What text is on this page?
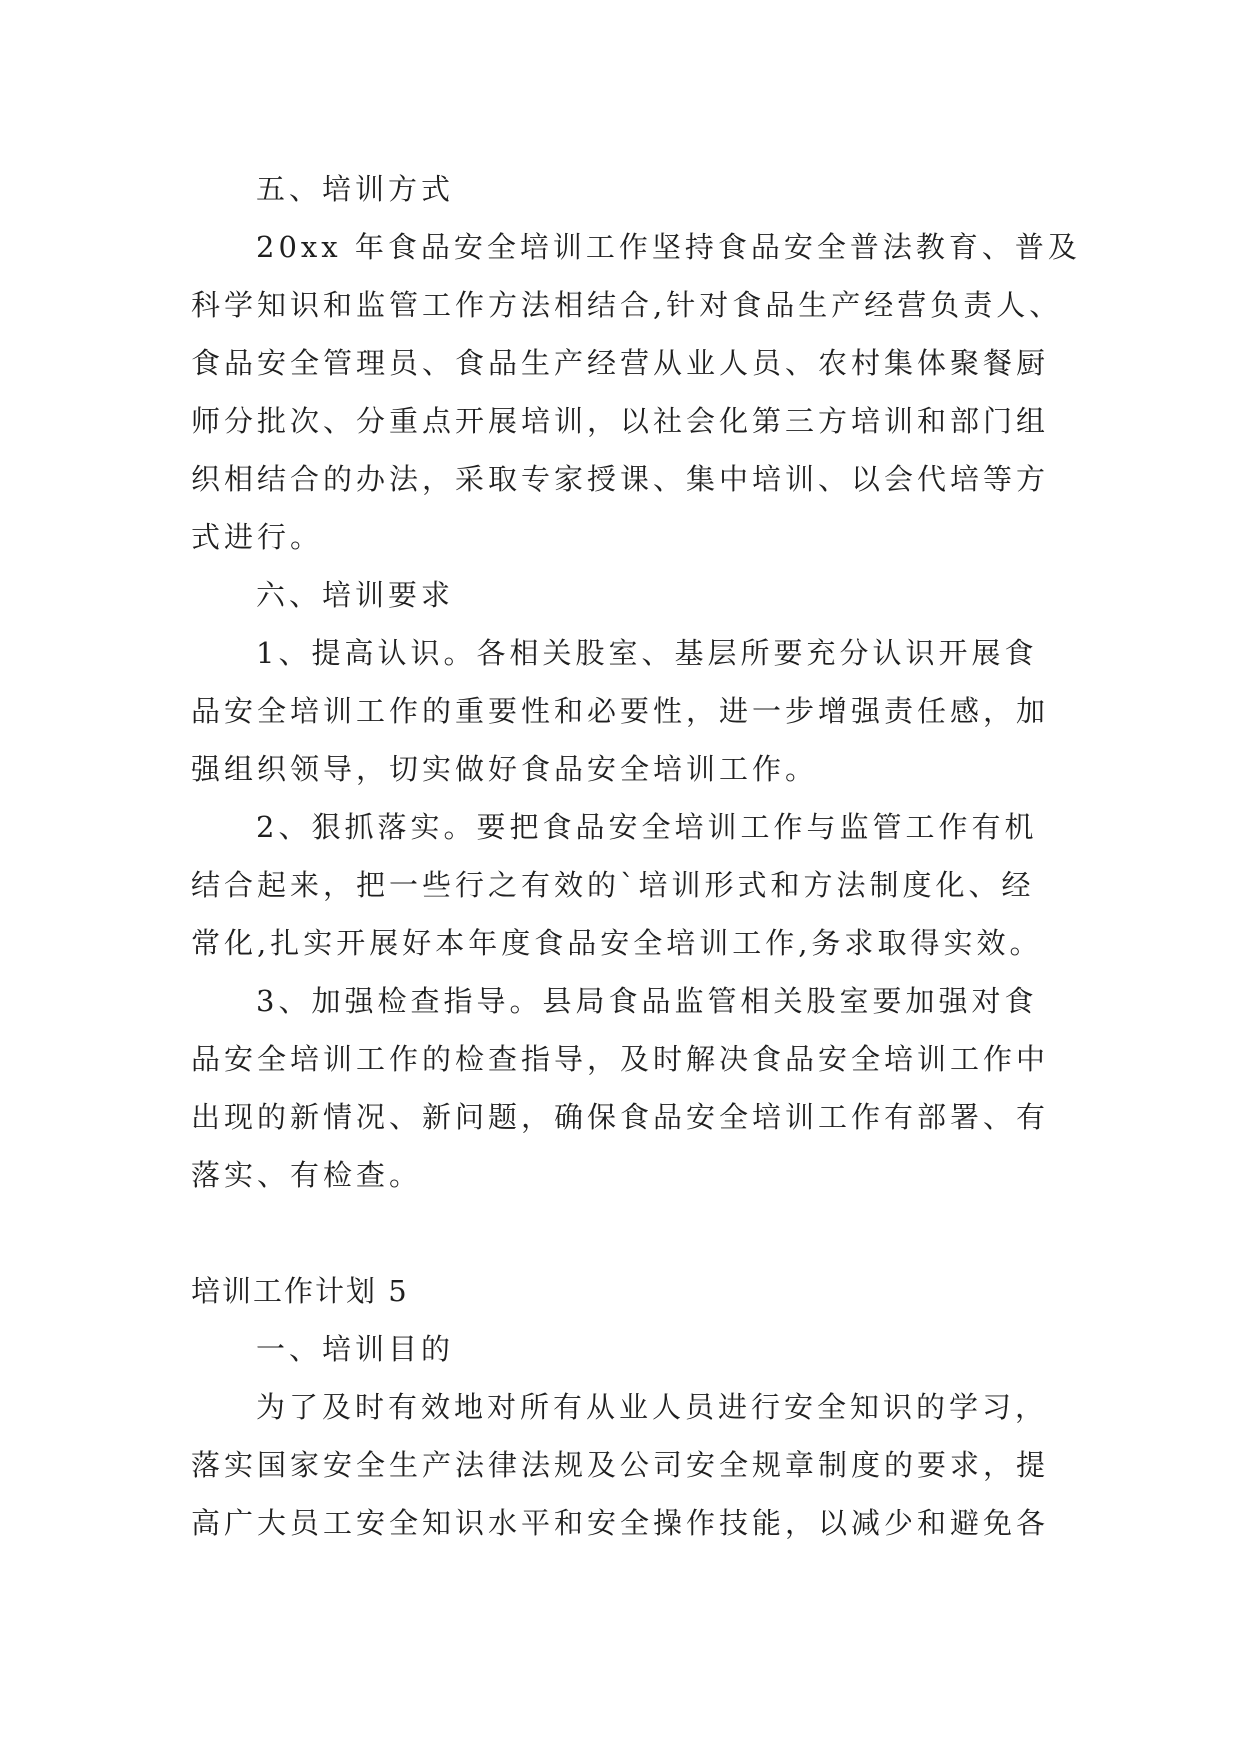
五、培训方式
20xx 年食品安全培训工作坚持食品安全普法教育、普及
科学知识和监管工作方法相结合,针对食品生产经营负责人、
食品安全管理员、食品生产经营从业人员、农村集体聚餐厨
师分批次、分重点开展培训，以社会化第三方培训和部门组
织相结合的办法，采取专家授课、集中培训、以会代培等方
式进行。
六、培训要求
1、提高认识。各相关股室、基层所要充分认识开展食
品安全培训工作的重要性和必要性，进一步增强责任感，加
强组织领导，切实做好食品安全培训工作。
2、狠抓落实。要把食品安全培训工作与监管工作有机
结合起来，把一些行之有效的`培训形式和方法制度化、经
常化,扎实开展好本年度食品安全培训工作,务求取得实效。
3、加强检查指导。县局食品监管相关股室要加强对食
品安全培训工作的检查指导，及时解决食品安全培训工作中
出现的新情况、新问题，确保食品安全培训工作有部署、有
落实、有检查。
培训工作计划 5
一、培训目的
为了及时有效地对所有从业人员进行安全知识的学习，
落实国家安全生产法律法规及公司安全规章制度的要求，提
高广大员工安全知识水平和安全操作技能，以减少和避免各
